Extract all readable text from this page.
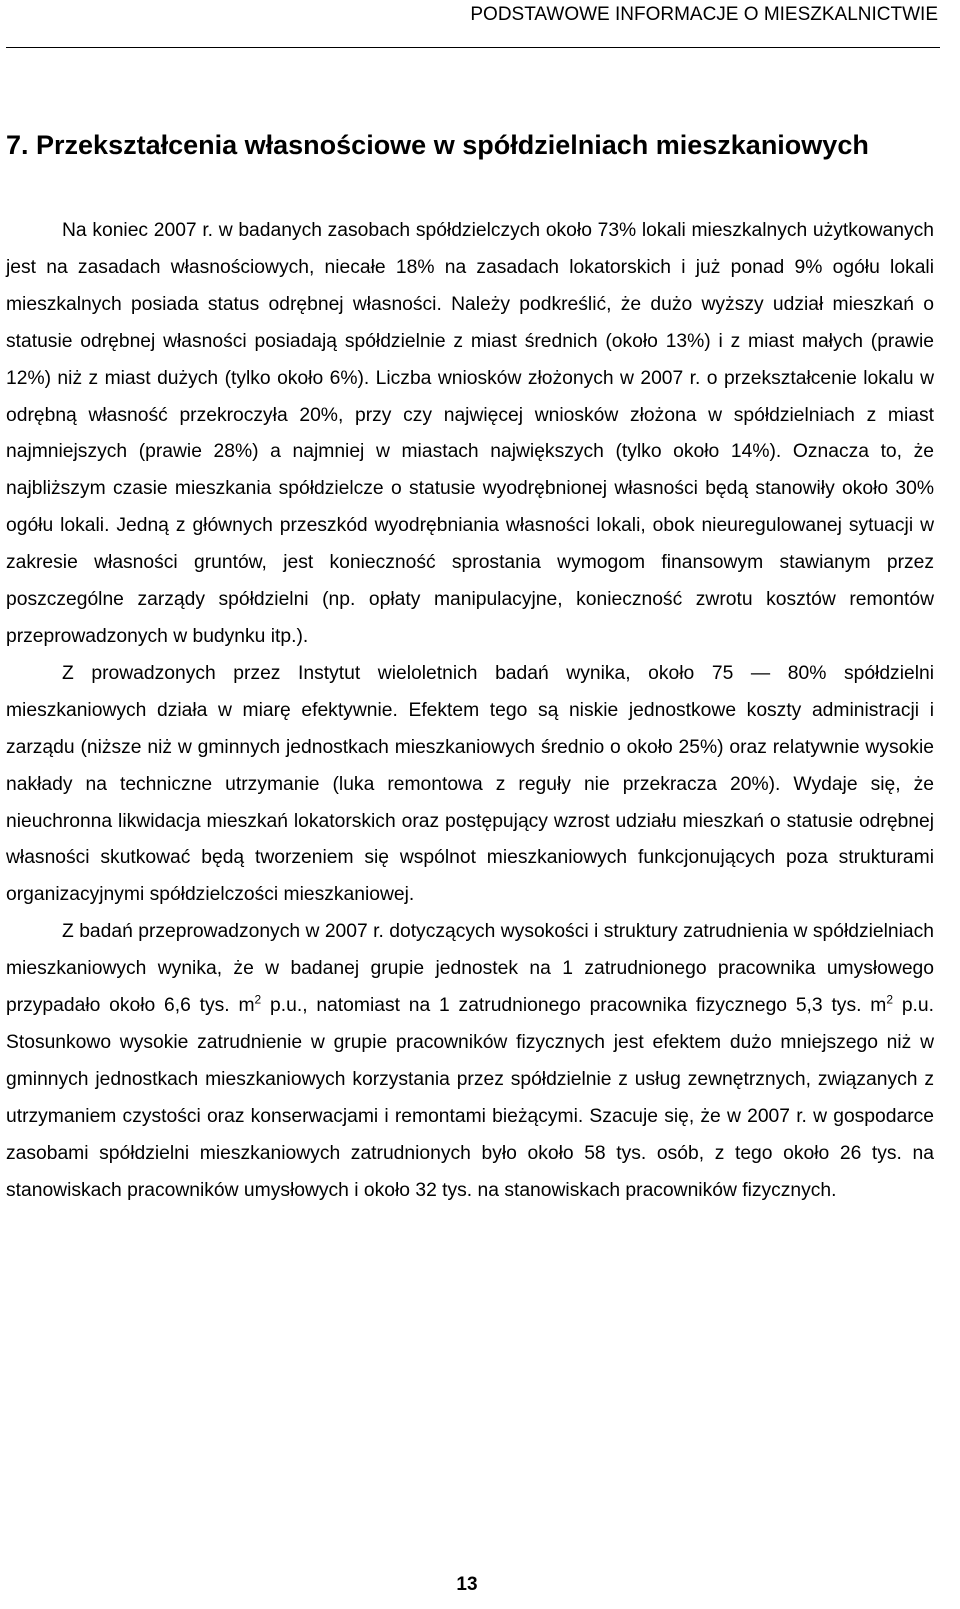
PODSTAWOWE INFORMACJE O MIESZKALNICTWIE
7. Przekształcenia własnościowe w spółdzielniach mieszkaniowych

Na koniec 2007 r. w badanych zasobach spółdzielczych około 73% lokali mieszkalnych użytkowanych jest na zasadach własnościowych, niecałe 18% na zasadach lokatorskich i już ponad 9% ogółu lokali mieszkalnych posiada status odrębnej własności. Należy podkreślić, że dużo wyższy udział mieszkań o statusie odrębnej własności posiadają spółdzielnie z miast średnich (około 13%) i z miast małych (prawie 12%) niż z miast dużych (tylko około 6%). Liczba wniosków złożonych w 2007 r. o przekształcenie lokalu w odrębną własność przekroczyła 20%, przy czy najwięcej wniosków złożona w spółdzielniach z miast najmniejszych (prawie 28%) a najmniej w miastach największych (tylko około 14%). Oznacza to, że najbliższym czasie mieszkania spółdzielcze o statusie wyodrębnionej własności będą stanowiły około 30% ogółu lokali. Jedną z głównych przeszkód wyodrębniania własności lokali, obok nieuregulowanej sytuacji w zakresie własności gruntów, jest konieczność sprostania wymogom finansowym stawianym przez poszczególne zarządy spółdzielni (np. opłaty manipulacyjne, konieczność zwrotu kosztów remontów przeprowadzonych w budynku itp.).

Z prowadzonych przez Instytut wieloletnich badań wynika, około 75 — 80% spółdzielni mieszkaniowych działa w miarę efektywnie. Efektem tego są niskie jednostkowe koszty administracji i zarządu (niższe niż w gminnych jednostkach mieszkaniowych średnio o około 25%) oraz relatywnie wysokie nakłady na techniczne utrzymanie (luka remontowa z reguły nie przekracza 20%). Wydaje się, że nieuchronna likwidacja mieszkań lokatorskich oraz postępujący wzrost udziału mieszkań o statusie odrębnej własności skutkować będą tworzeniem się wspólnot mieszkaniowych funkcjonujących poza strukturami organizacyjnymi spółdzielczości mieszkaniowej.

Z badań przeprowadzonych w 2007 r. dotyczących wysokości i struktury zatrudnienia w spółdzielniach mieszkaniowych wynika, że w badanej grupie jednostek na 1 zatrudnionego pracownika umysłowego przypadało około 6,6 tys. $m^2$ p.u., natomiast na 1 zatrudnionego pracownika fizycznego 5,3 tys. $m^2$ p.u. Stosunkowo wysokie zatrudnienie w grupie pracowników fizycznych jest efektem dużo mniejszego niż w gminnych jednostkach mieszkaniowych korzystania przez spółdzielnie z usług zewnętrznych, związanych z utrzymaniem czystości oraz konserwacjami i remontami bieżącymi. Szacuje się, że w 2007 r. w gospodarce zasobami spółdzielni mieszkaniowych zatrudnionych było około 58 tys. osób, z tego około 26 tys. na stanowiskach pracowników umysłowych i około 32 tys. na stanowiskach pracowników fizycznych.

13
